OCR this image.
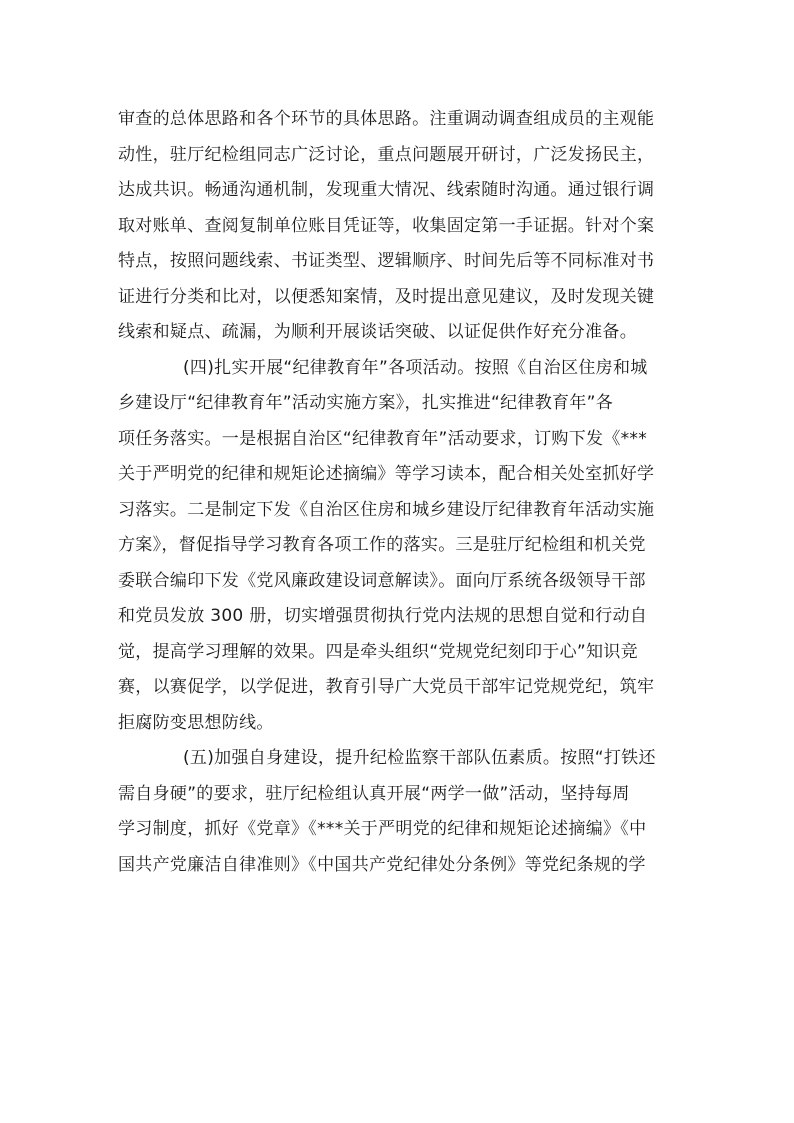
审查的总体思路和各个环节的具体思路。注重调动调查组成员的主观能
动性，驻厅纪检组同志广泛讨论，重点问题展开研讨，广泛发扬民主，
达成共识。畅通沟通机制，发现重大情况、线索随时沟通。通过银行调
取对账单、查阅复制单位账目凭证等，收集固定第一手证据。针对个案
特点，按照问题线索、书证类型、逻辑顺序、时间先后等不同标准对书
证进行分类和比对，以便悉知案情，及时提出意见建议，及时发现关键
线索和疑点、疏漏，为顺利开展谈话突破、以证促供作好充分准备。
(四)扎实开展“纪律教育年”各项活动。按照《自治区住房和城
乡建设厅“纪律教育年”活动实施方案》，扎实推进“纪律教育年”各
项任务落实。一是根据自治区“纪律教育年”活动要求，订购下发《***
关于严明党的纪律和规矩论述摘编》等学习读本，配合相关处室抓好学
习落实。二是制定下发《自治区住房和城乡建设厅纪律教育年活动实施
方案》，督促指导学习教育各项工作的落实。三是驻厅纪检组和机关党
委联合编印下发《党风廉政建设词意解读》。面向厅系统各级领导干部
和党员发放 300 册，切实增强贯彻执行党内法规的思想自觉和行动自
觉，提高学习理解的效果。四是牵头组织“党规党纪刻印于心”知识竞
赛，以赛促学，以学促进，教育引导广大党员干部牢记党规党纪，筑牢
拒腐防变思想防线。
(五)加强自身建设，提升纪检监察干部队伍素质。按照“打铁还
需自身硬”的要求，驻厅纪检组认真开展“两学一做”活动，坚持每周
学习制度，抓好《党章》《***关于严明党的纪律和规矩论述摘编》《中
国共产党廉洁自律准则》《中国共产党纪律处分条例》等党纪条规的学
